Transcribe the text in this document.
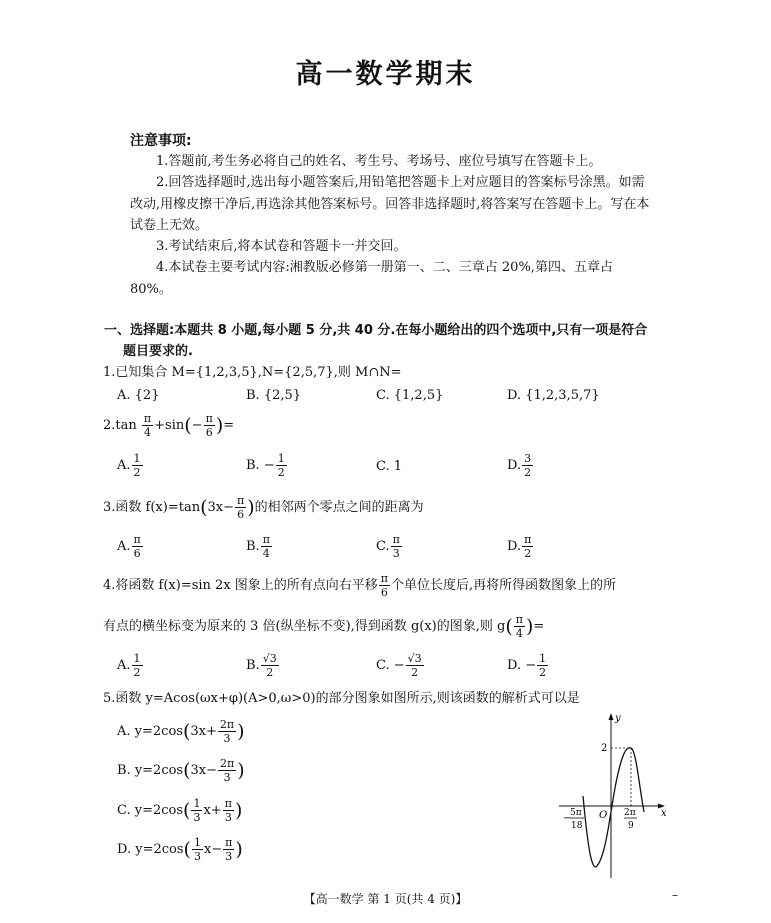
高一数学期末
注意事项:
1.答题前,考生务必将自己的姓名、考生号、考场号、座位号填写在答题卡上。
2.回答选择题时,选出每小题答案后,用铅笔把答题卡上对应题目的答案标号涂黑。如需改动,用橡皮擦干净后,再选涂其他答案标号。回答非选择题时,将答案写在答题卡上。写在本试卷上无效。
3.考试结束后,将本试卷和答题卡一并交回。
4.本试卷主要考试内容:湘教版必修第一册第一、二、三章占 20%,第四、五章占 80%。
一、选择题:本题共 8 小题,每小题 5 分,共 40 分.在每小题给出的四个选项中,只有一项是符合
题目要求的.
1.已知集合 M={1,2,3,5},N={2,5,7},则 M∩N=
A. {2}	B. {2,5}	C. {1,2,5}	D. {1,2,3,5,7}
$2.\tan \frac{\pi}{4} +\sin(- \frac{\pi}{6}$ )=
A. $\frac{1}{2}$	B. − $\frac{1}{2}$	C. 1	D. $\frac{3}{2}$
3.函数 $f(x)=\tan(3x- \frac{\pi}{6}$ )的相邻两个零点之间的距离为
A. $\frac{\pi}{6}$	B. $\frac{\pi}{4}$	C. $\frac{\pi}{3}$	D. $\frac{\pi}{2}$
4.将函数 f(x)=sin 2x 图象上的所有点向右平移 $\frac{\pi}{6}$ 个单位长度后,再将所得函数图象上的所
有点的横坐标变为原来的 3 倍(纵坐标不变),得到函数 g(x)的图象,则 $g( \frac{\pi}{4}$ )=
A. $\frac{1}{2}$	B. $\frac{√3}{2}$	C. − $\frac{√3}{2}$	D. − $\frac{1}{2}$
5.函数 y=Acos(ωx+φ)(A>0,ω>0)的部分图象如图所示,则该函数的解析式可以是
A. $y=2\cos(3x+ \frac{2\pi}{3}$ )
B. $y=2\cos(3x- \frac{2\pi}{3}$ )
C. $y=2\cos( \frac{1}{3} x+ \frac{\pi}{3}$ )
D. $y=2\cos( \frac{1}{3} x- \frac{\pi}{3}$ )
y
x
O
2
−
5π
18
2π
9
【高一数学 第 1 页(共 4 页)】	–
